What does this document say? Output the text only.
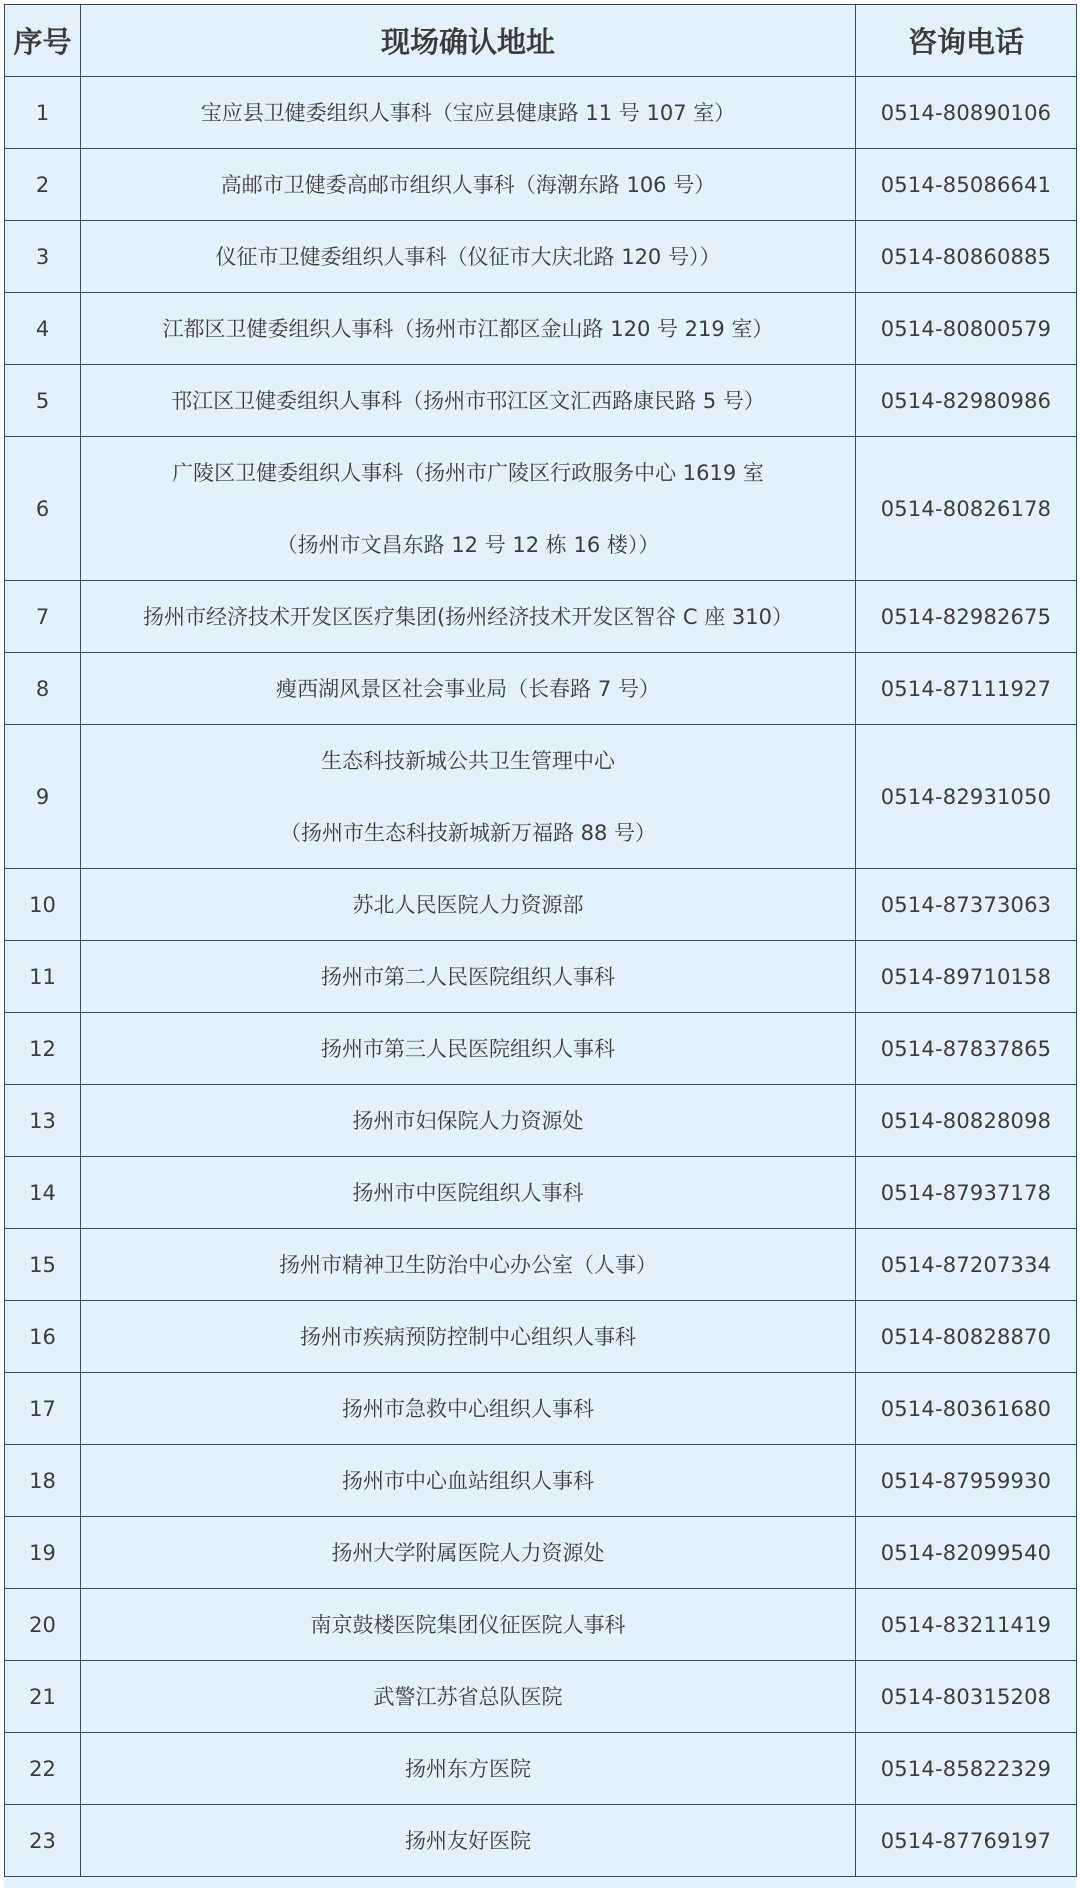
序号	现场确认地址	咨询电话
1	宝应县卫健委组织人事科（宝应县健康路 11 号 107 室）	0514-80890106
2	高邮市卫健委高邮市组织人事科（海潮东路 106 号）	0514-85086641
3	仪征市卫健委组织人事科（仪征市大庆北路 120 号））	0514-80860885
4	江都区卫健委组织人事科（扬州市江都区金山路 120 号 219 室）	0514-80800579
5	邗江区卫健委组织人事科（扬州市邗江区文汇西路康民路 5 号）	0514-82980986
6	广陵区卫健委组织人事科（扬州市广陵区行政服务中心 1619 室
（扬州市文昌东路 12 号 12 栋 16 楼））	0514-80826178
7	扬州市经济技术开发区医疗集团(扬州经济技术开发区智谷 C 座 310）	0514-82982675
8	瘦西湖风景区社会事业局（长春路 7 号）	0514-87111927
9	生态科技新城公共卫生管理中心
（扬州市生态科技新城新万福路 88 号）	0514-82931050
10	苏北人民医院人力资源部	0514-87373063
11	扬州市第二人民医院组织人事科	0514-89710158
12	扬州市第三人民医院组织人事科	0514-87837865
13	扬州市妇保院人力资源处	0514-80828098
14	扬州市中医院组织人事科	0514-87937178
15	扬州市精神卫生防治中心办公室（人事）	0514-87207334
16	扬州市疾病预防控制中心组织人事科	0514-80828870
17	扬州市急救中心组织人事科	0514-80361680
18	扬州市中心血站组织人事科	0514-87959930
19	扬州大学附属医院人力资源处	0514-82099540
20	南京鼓楼医院集团仪征医院人事科	0514-83211419
21	武警江苏省总队医院	0514-80315208
22	扬州东方医院	0514-85822329
23	扬州友好医院	0514-87769197
